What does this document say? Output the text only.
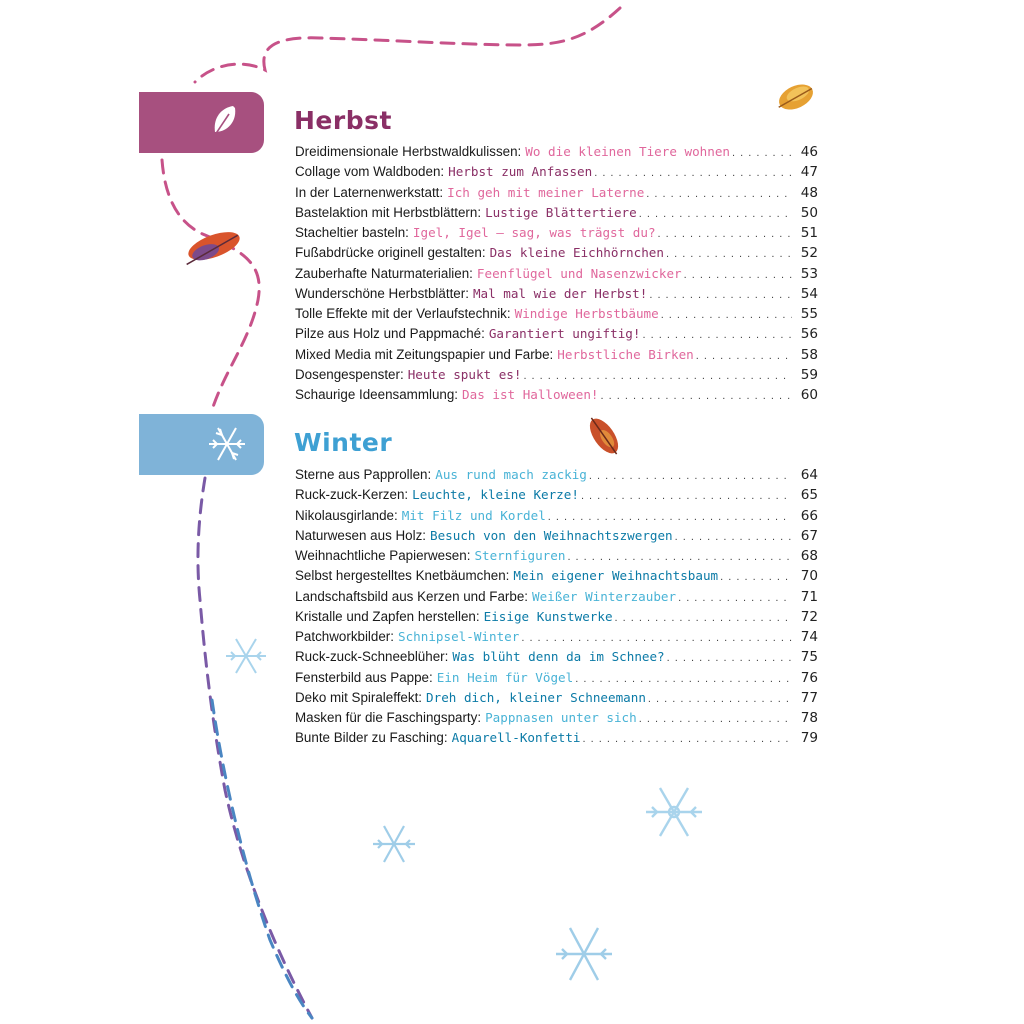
Herbst
Dreidimensionale Herbstwaldkulissen : Wo die kleinen Tiere wohnen . . .	46
Collage vom Waldboden : Herbst zum Anfassen . . .	47
In der Laternenwerkstatt : Ich geh mit meiner Laterne . . .	48
Bastelaktion mit Herbstblättern : Lustige Blättertiere . . .	50
Stacheltier basteln : Igel, Igel – sag, was trägst du? . . .	51
Fußabdrücke originell gestalten : Das kleine Eichhörnchen . . .	52
Zauberhafte Naturmaterialien : Feenflügel und Nasenzwicker . . .	53
Wunderschöne Herbstblätter : Mal mal wie der Herbst! . . .	54
Tolle Effekte mit der Verlaufstechnik : Windige Herbstbäume . . .	55
Pilze aus Holz und Pappmaché : Garantiert ungiftig! . . .	56
Mixed Media mit Zeitungspapier und Farbe : Herbstliche Birken . . .	58
Dosengespenster : Heute spukt es! . . .	59
Schaurige Ideensammlung : Das ist Halloween! . . .	60
Winter
Sterne aus Papprollen : Aus rund mach zackig . . .	64
Ruck-zuck-Kerzen : Leuchte, kleine Kerze! . . .	65
Nikolausgirlande : Mit Filz und Kordel . . .	66
Naturwesen aus Holz : Besuch von den Weihnachtszwergen . . .	67
Weihnachtliche Papierwesen : Sternfiguren . . .	68
Selbst hergestelltes Knetbäumchen : Mein eigener Weihnachtsbaum . . .	70
Landschaftsbild aus Kerzen und Farbe : Weißer Winterzauber . . .	71
Kristalle und Zapfen herstellen : Eisige Kunstwerke . . .	72
Patchworkbilder : Schnipsel-Winter . . .	74
Ruck-zuck-Schneeblüher : Was blüht denn da im Schnee? . . .	75
Fensterbild aus Pappe : Ein Heim für Vögel . . .	76
Deko mit Spiraleffekt : Dreh dich, kleiner Schneemann . . .	77
Masken für die Faschingsparty : Pappnasen unter sich . . .	78
Bunte Bilder zu Fasching : Aquarell-Konfetti . . .	79
